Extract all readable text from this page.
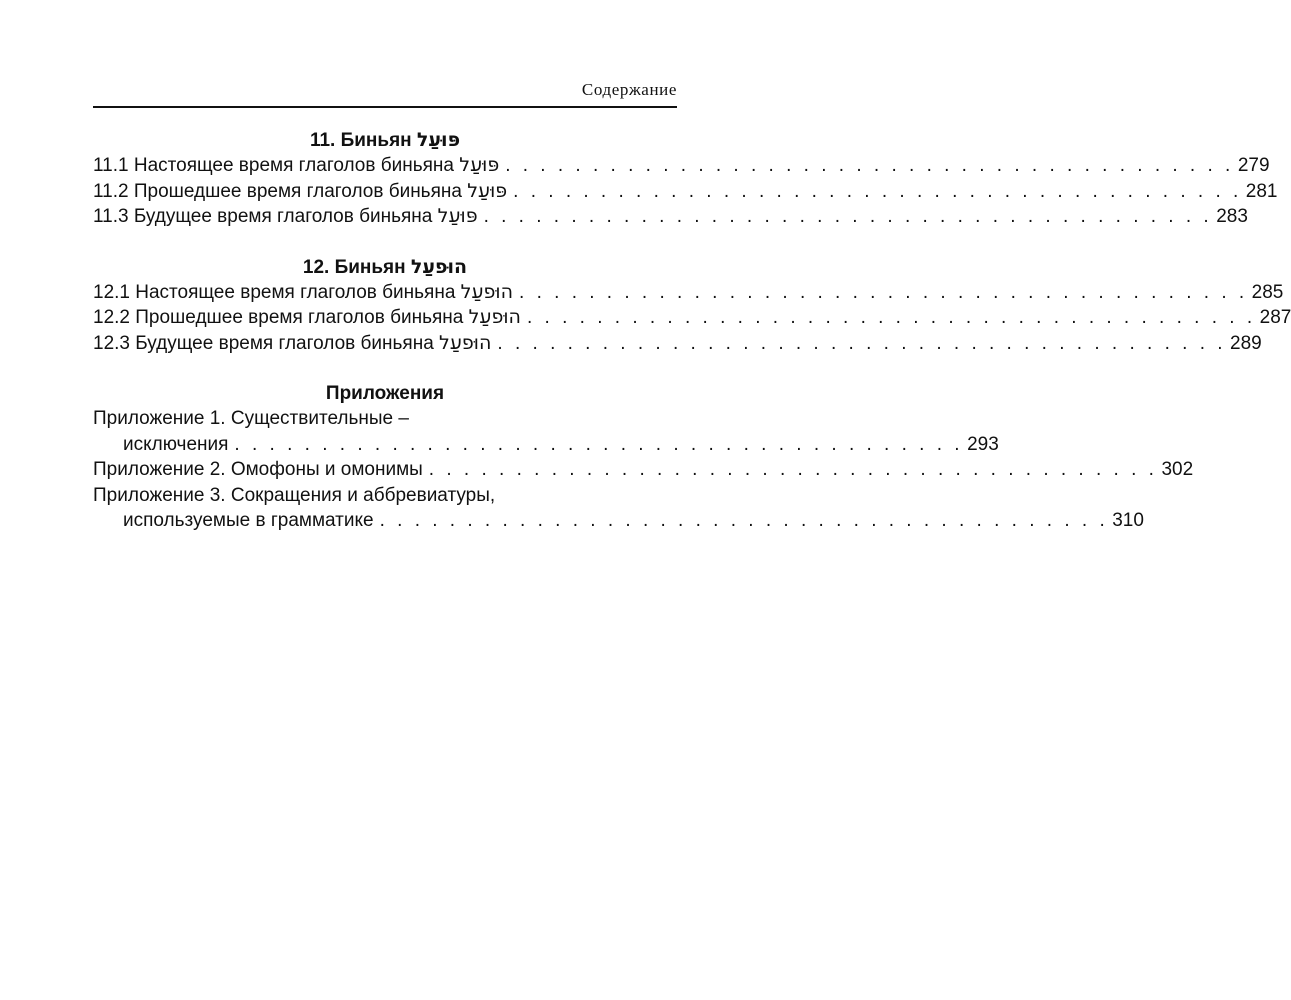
Содержание
11. Биньян פּוּעַל
11.1 Настоящее время глаголов биньяна פּוּעַל . . . . . . . . . . . . . . . . . . . . . . . . . . . . . . . . . . . . . . . . . . 279
11.2 Прошедшее время глаголов биньяна פּוּעַל . . . . . . . . . . . . . . . . . . . . . . . . . . . . . . . . . . . . . . . . . . 281
11.3 Будущее время глаголов биньяна פּוּעַל . . . . . . . . . . . . . . . . . . . . . . . . . . . . . . . . . . . . . . . . . . 283
12. Биньян הוּפעַל
12.1 Настоящее время глаголов биньяна הוּפעַל . . . . . . . . . . . . . . . . . . . . . . . . . . . . . . . . . . . . . . . . . . 285
12.2 Прошедшее время глаголов биньяна הוּפעַל . . . . . . . . . . . . . . . . . . . . . . . . . . . . . . . . . . . . . . . . . . 287
12.3 Будущее время глаголов биньяна הוּפעַל . . . . . . . . . . . . . . . . . . . . . . . . . . . . . . . . . . . . . . . . . . 289
Приложения
Приложение 1. Существительные –
исключения . . . . . . . . . . . . . . . . . . . . . . . . . . . . . . . . . . . . . . . . . . 293
Приложение 2. Омофоны и омонимы . . . . . . . . . . . . . . . . . . . . . . . . . . . . . . . . . . . . . . . . . . 302
Приложение 3. Сокращения и аббревиатуры,
используемые в грамматике . . . . . . . . . . . . . . . . . . . . . . . . . . . . . . . . . . . . . . . . . . 310
